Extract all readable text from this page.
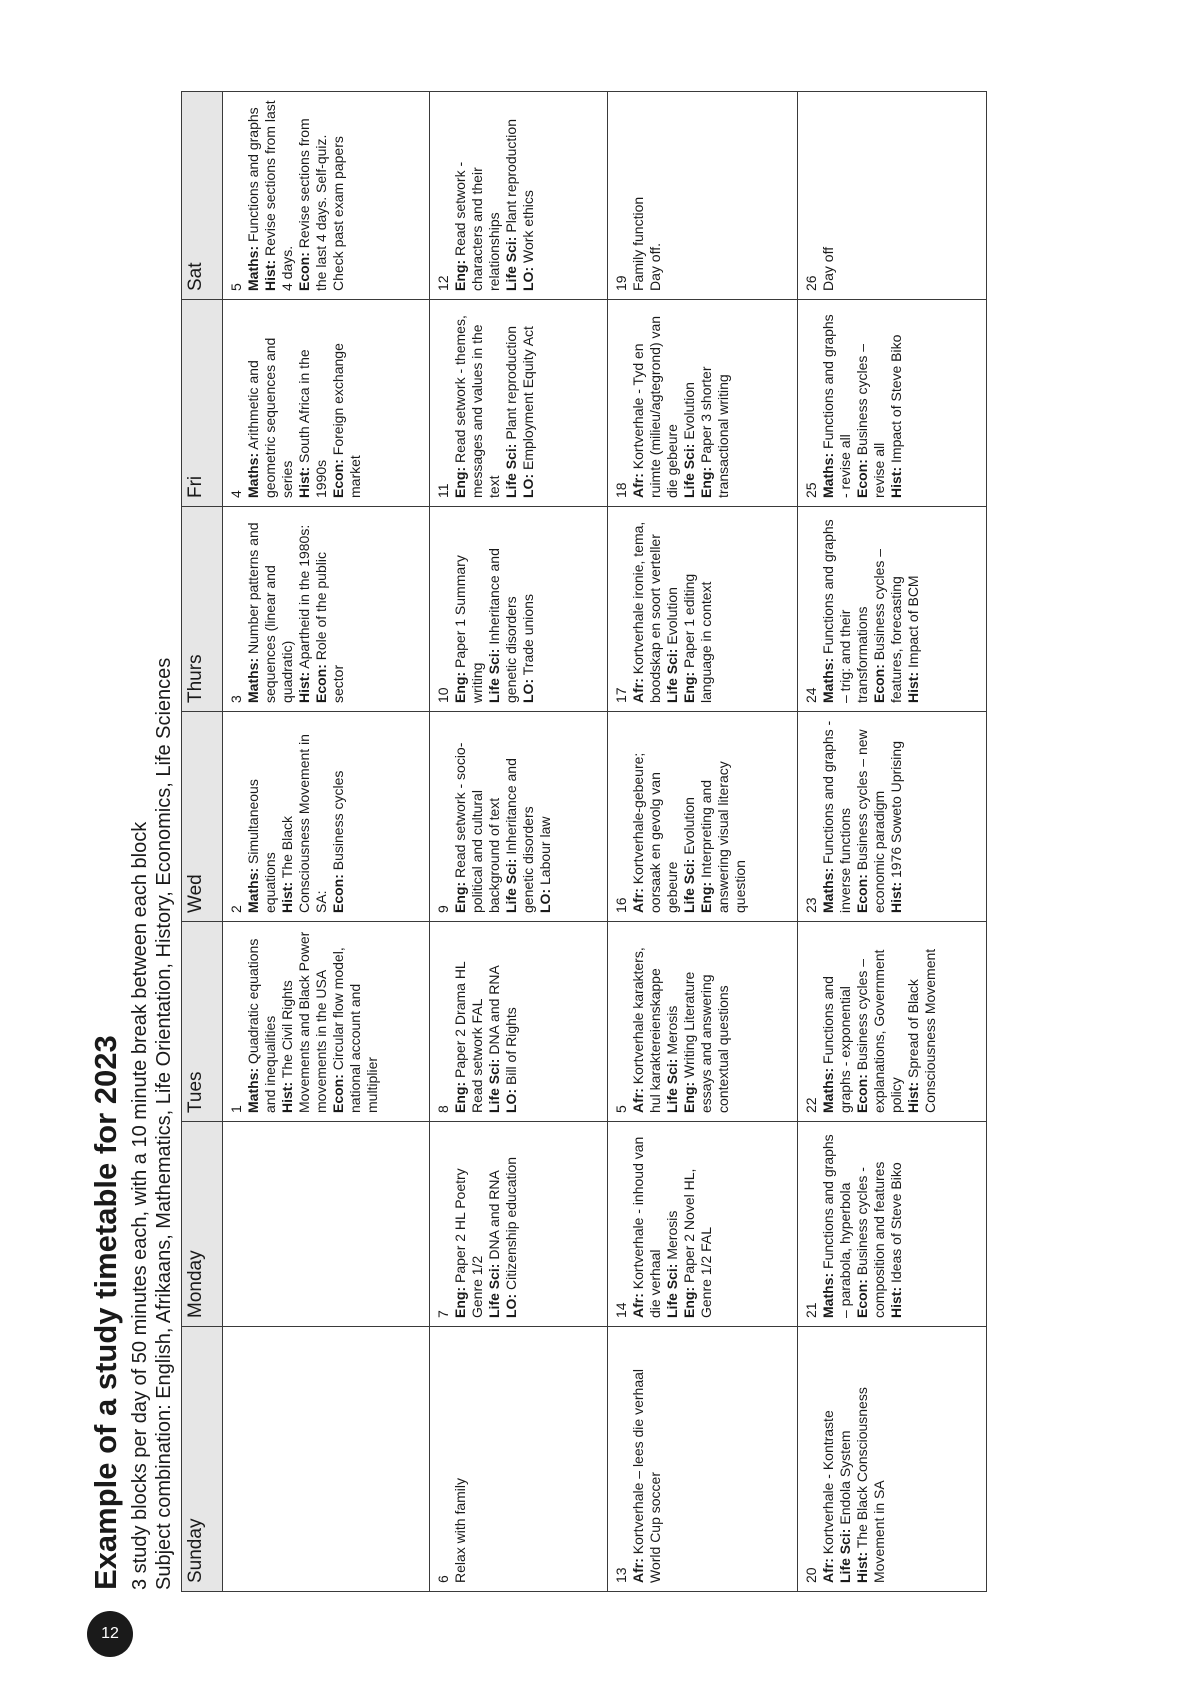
12
Example of a study timetable for 2023 3 study blocks per day of 50 minutes each, with a 10 minute break between each block Subject combination: English, Afrikaans, Mathematics, Life Orientation, History, Economics, Life Sciences Sunday	Monday	Tues	Wed	Thurs	Fri	Sat

		1 Maths: Quadratic equations and inequalities Hist: The Civil Rights Movements and Black Power movements in the USA Econ: Circular flow model, national account and multiplier	2 Maths: Simultaneous equations Hist: The Black Consciousness Movement in SA: Econ: Business cycles	3 Maths: Number patterns and sequences (linear and quadratic) Hist: Apartheid in the 1980s:
Econ: Role of the public sector	4 Maths: Arithmetic and geometric sequences and series Hist: South Africa in the 1990s Econ: Foreign exchange market	5 Maths: Functions and graphs
Hist: Revise sections from last 4 days. Econ: Revise sections from the last 4 days. Self-quiz. Check past exam papers

6 Relax with family	7 Eng: Paper 2 HL Poetry Genre 1/2 Life Sci: DNA and RNA
LO: Citizenship education	8 Eng: Paper 2 Drama HL Read setwork FAL Life Sci: DNA and RNA
LO: Bill of Rights	9 Eng: Read setwork - socio-political and cultural background of text Life Sci: Inheritance and genetic disorders LO: Labour law	10 Eng: Paper 1 Summary writing Life Sci: Inheritance and genetic disorders LO: Trade unions	11 Eng: Read setwork - themes, messages and values in the text Life Sci: Plant reproduction
LO: Employment Equity Act	12 Eng: Read setwork - characters and their relationships Life Sci: Plant reproduction
LO: Work ethics

13 Afr: Kortverhale – lees die verhaal World Cup soccer	14 Afr: Kortverhale - inhoud van die verhaal Life Sci: Merosis
Eng: Paper 2 Novel HL, Genre 1/2 FAL	5 Afr: Kortverhale karakters, hul karaktereienskappe Life Sci: Merosis
Eng: Writing Literature essays and answering contextual questions	16 Afr: Kortverhale-gebeure; oorsaak en gevolg van gebeure Life Sci: Evolution
Eng: Interpreting and answering visual literacy question	17 Afr: Kortverhale ironie, tema, boodskap en soort verteller Life Sci: Evolution
Eng: Paper 1 editing language in context	18 Afr: Kortverhale - Tyd en ruimte (milieu/agtegrond) van die gebeure Life Sci: Evolution
Eng: Paper 3 shorter transactional writing	19 Family function Day off.

20 Afr: Kortverhale - Kontraste Life Sci: Endola System
Hist: The Black Consciousness Movement in SA	21 Maths: Functions and graphs – parabola, hyperbola Econ: Business cycles - composition and features Hist: Ideas of Steve Biko	22 Maths: Functions and graphs - exponential Econ: Business cycles – explanations, Government policy Hist: Spread of Black Consciousness Movement	23 Maths: Functions and graphs - inverse functions Econ: Business cycles – new economic paradigm Hist: 1976 Soweto Uprising	24 Maths: Functions and graphs – trig: and their transformations Econ: Business cycles – features, forecasting Hist: Impact of BCM	25 Maths: Functions and graphs - revise all Econ: Business cycles – revise all Hist: Impact of Steve Biko	26 Day off
